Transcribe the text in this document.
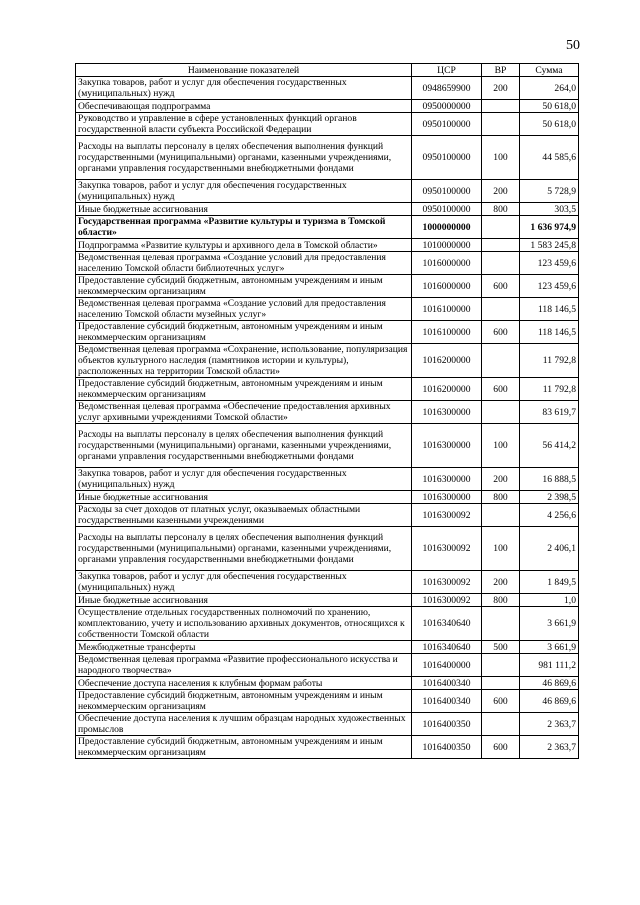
50
Наименование показателей	ЦСР	ВР	Сумма
Закупка товаров, работ и услуг для обеспечения государственных (муниципальных) нужд	0948659900	200	264,0
Обеспечивающая подпрограмма	0950000000		50 618,0
Руководство и управление в сфере установленных функций органов государственной власти субъекта Российской Федерации	0950100000		50 618,0
Расходы на выплаты персоналу в целях обеспечения выполнения функций государственными (муниципальными) органами, казенными учреждениями, органами управления государственными внебюджетными фондами	0950100000	100	44 585,6
Закупка товаров, работ и услуг для обеспечения государственных (муниципальных) нужд	0950100000	200	5 728,9
Иные бюджетные ассигнования	0950100000	800	303,5
Государственная программа «Развитие культуры и туризма в Томской области»	1000000000		1 636 974,9
Подпрограмма «Развитие культуры и архивного дела в Томской области»	1010000000		1 583 245,8
Ведомственная целевая программа «Создание условий для предоставления населению Томской области библиотечных услуг»	1016000000		123 459,6
Предоставление субсидий бюджетным, автономным учреждениям и иным некоммерческим организациям	1016000000	600	123 459,6
Ведомственная целевая программа «Создание условий для предоставления населению Томской области музейных услуг»	1016100000		118 146,5
Предоставление субсидий бюджетным, автономным учреждениям и иным некоммерческим организациям	1016100000	600	118 146,5
Ведомственная целевая программа «Сохранение, использование, популяризация объектов культурного наследия (памятников истории и культуры), расположенных на территории Томской области»	1016200000		11 792,8
Предоставление субсидий бюджетным, автономным учреждениям и иным некоммерческим организациям	1016200000	600	11 792,8
Ведомственная целевая программа «Обеспечение предоставления архивных услуг архивными учреждениями Томской области»	1016300000		83 619,7
Расходы на выплаты персоналу в целях обеспечения выполнения функций государственными (муниципальными) органами, казенными учреждениями, органами управления государственными внебюджетными фондами	1016300000	100	56 414,2
Закупка товаров, работ и услуг для обеспечения государственных (муниципальных) нужд	1016300000	200	16 888,5
Иные бюджетные ассигнования	1016300000	800	2 398,5
Расходы за счет доходов от платных услуг, оказываемых областными государственными казенными учреждениями	1016300092		4 256,6
Расходы на выплаты персоналу в целях обеспечения выполнения функций государственными (муниципальными) органами, казенными учреждениями, органами управления государственными внебюджетными фондами	1016300092	100	2 406,1
Закупка товаров, работ и услуг для обеспечения государственных (муниципальных) нужд	1016300092	200	1 849,5
Иные бюджетные ассигнования	1016300092	800	1,0
Осуществление отдельных государственных полномочий по хранению, комплектованию, учету и использованию архивных документов, относящихся к собственности Томской области	1016340640		3 661,9
Межбюджетные трансферты	1016340640	500	3 661,9
Ведомственная целевая программа «Развитие профессионального искусства и народного творчества»	1016400000		981 111,2
Обеспечение доступа населения к клубным формам работы	1016400340		46 869,6
Предоставление субсидий бюджетным, автономным учреждениям и иным некоммерческим организациям	1016400340	600	46 869,6
Обеспечение доступа населения к лучшим образцам народных художественных промыслов	1016400350		2 363,7
Предоставление субсидий бюджетным, автономным учреждениям и иным некоммерческим организациям	1016400350	600	2 363,7
